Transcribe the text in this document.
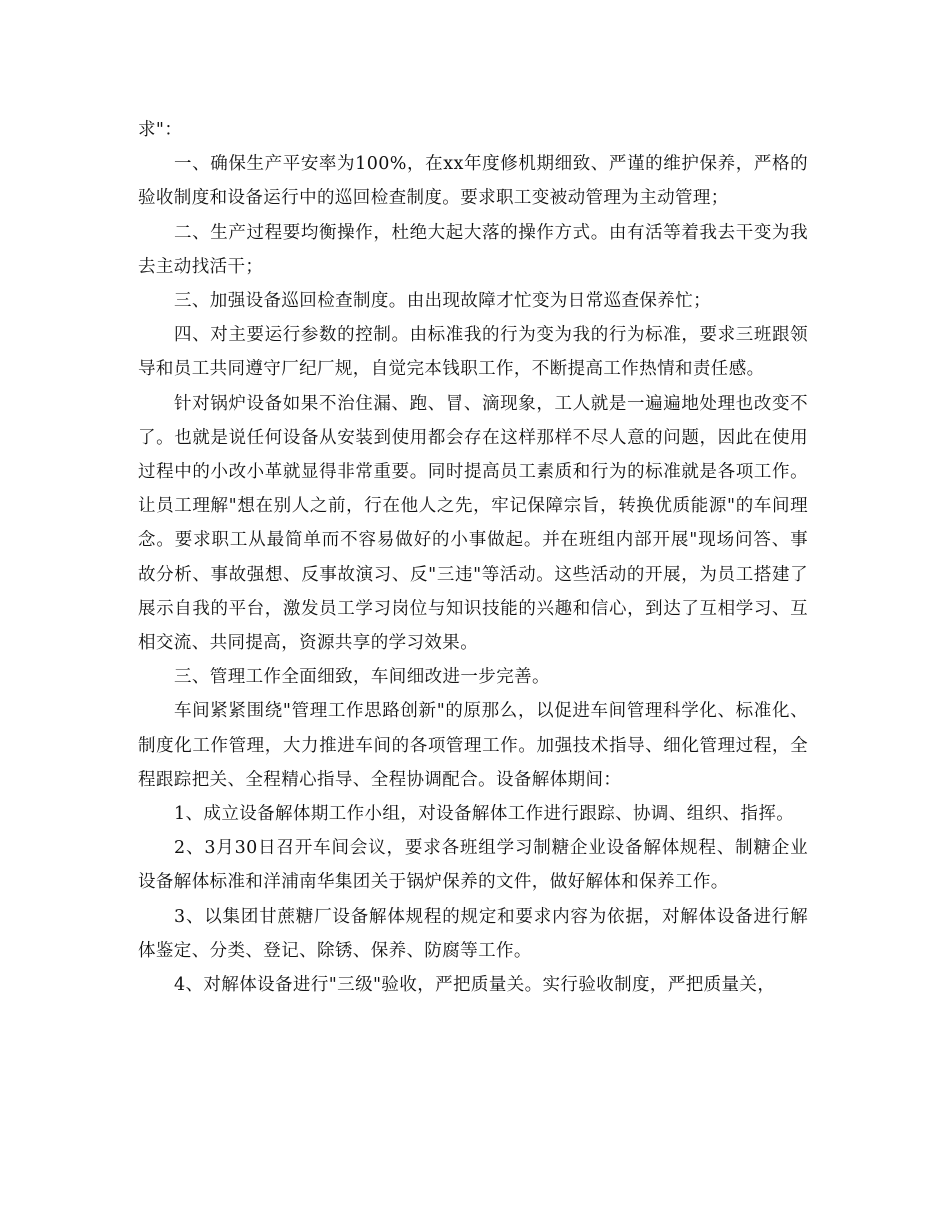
求"：

一、确保生产平安率为100%，在xx年度修机期细致、严谨的维护保养，严格的验收制度和设备运行中的巡回检查制度。要求职工变被动管理为主动管理；

二、生产过程要均衡操作，杜绝大起大落的操作方式。由有活等着我去干变为我去主动找活干；

三、加强设备巡回检查制度。由出现故障才忙变为日常巡查保养忙；

四、对主要运行参数的控制。由标准我的行为变为我的行为标准，要求三班跟领导和员工共同遵守厂纪厂规，自觉完本钱职工作，不断提高工作热情和责任感。

针对锅炉设备如果不治住漏、跑、冒、滴现象，工人就是一遍遍地处理也改变不了。也就是说任何设备从安装到使用都会存在这样那样不尽人意的问题，因此在使用过程中的小改小革就显得非常重要。同时提高员工素质和行为的标准就是各项工作。让员工理解"想在别人之前，行在他人之先，牢记保障宗旨，转换优质能源"的车间理念。要求职工从最简单而不容易做好的小事做起。并在班组内部开展"现场问答、事故分析、事故强想、反事故演习、反"三违"等活动。这些活动的开展，为员工搭建了展示自我的平台，激发员工学习岗位与知识技能的兴趣和信心，到达了互相学习、互相交流、共同提高，资源共享的学习效果。

三、管理工作全面细致，车间细改进一步完善。

车间紧紧围绕"管理工作思路创新"的原那么，以促进车间管理科学化、标准化、制度化工作管理，大力推进车间的各项管理工作。加强技术指导、细化管理过程，全程跟踪把关、全程精心指导、全程协调配合。设备解体期间：

1、成立设备解体期工作小组，对设备解体工作进行跟踪、协调、组织、指挥。

2、3月30日召开车间会议，要求各班组学习制糖企业设备解体规程、制糖企业设备解体标准和洋浦南华集团关于锅炉保养的文件，做好解体和保养工作。

3、以集团甘蔗糖厂设备解体规程的规定和要求内容为依据，对解体设备进行解体鉴定、分类、登记、除锈、保养、防腐等工作。

4、对解体设备进行"三级"验收，严把质量关。实行验收制度，严把质量关，
